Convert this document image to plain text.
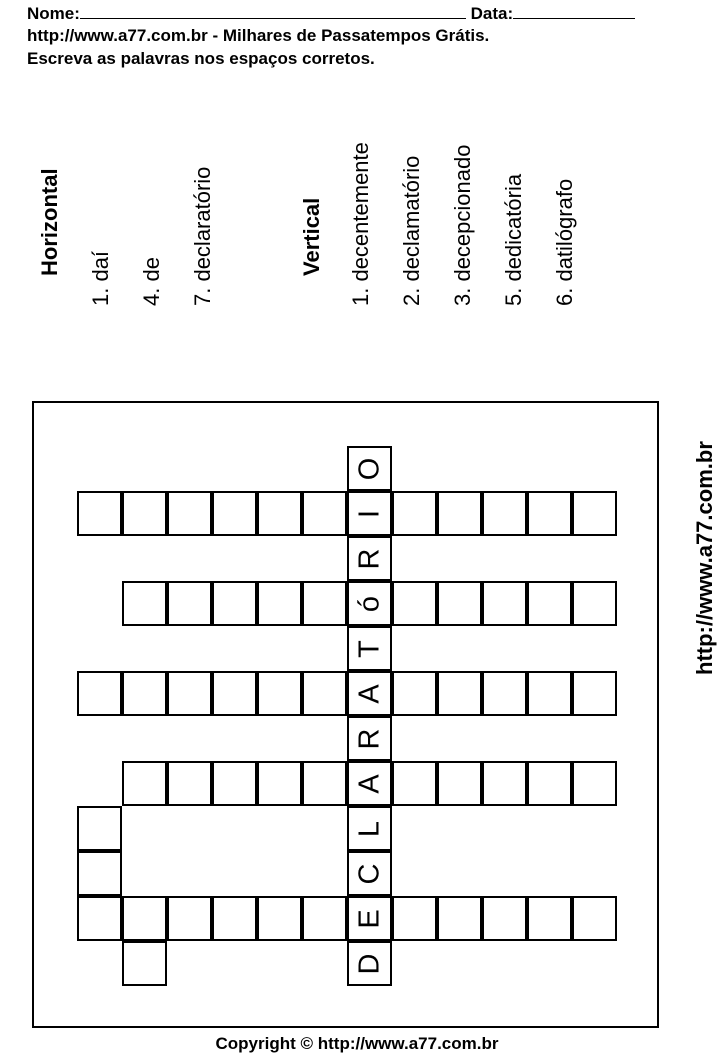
Nome:	Data:
http://www.a77.com.br - Milhares de Passatempos Grátis.
Escreva as palavras nos espaços corretos.
Horizontal
1. daí 4. de 7. declaratório	Vertical 1. decentemente 2. declamatório 3. decepcionado 5. dedicatória 6. datilógrafo
O
I
R
ó
T
A
R
A
L
C
E
D
http://www.a77.com.br
Copyright © http://www.a77.com.br
